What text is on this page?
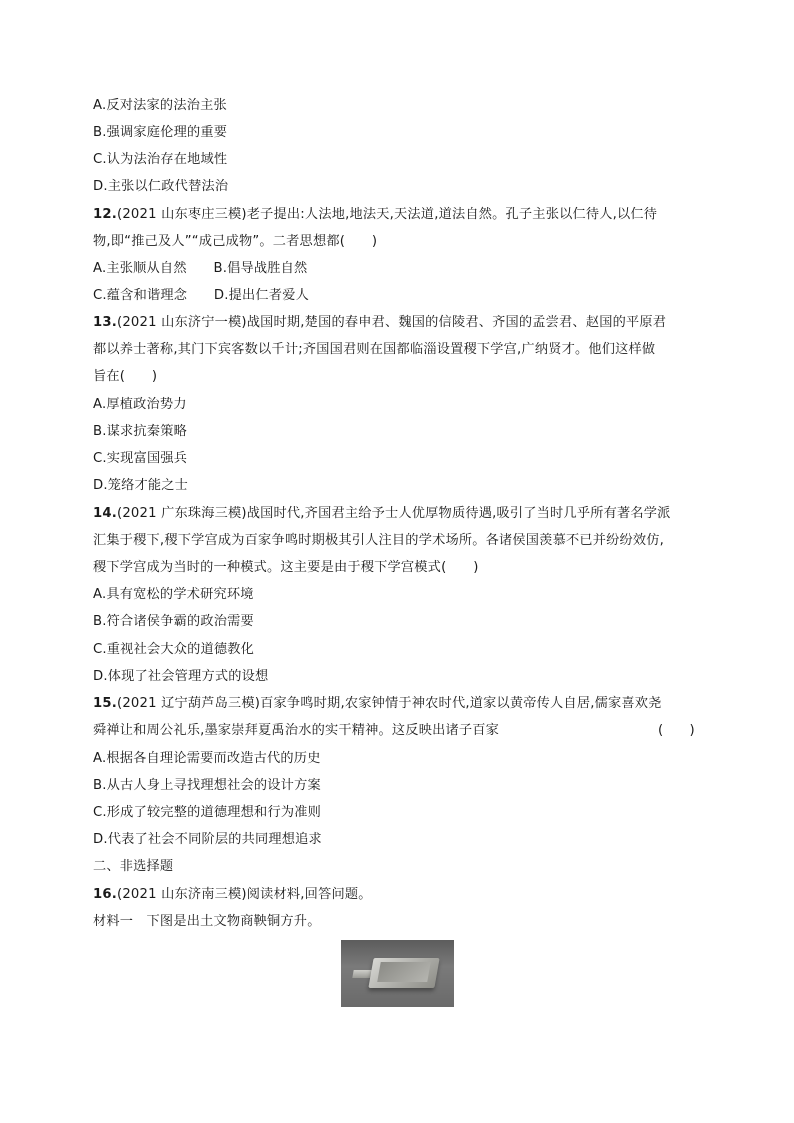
A.反对法家的法治主张
B.强调家庭伦理的重要
C.认为法治存在地域性
D.主张以仁政代替法治
12.(2021 山东枣庄三模)老子提出:人法地,地法天,天法道,道法自然。孔子主张以仁待人,以仁待
物,即“推己及人”“成己成物”。二者思想都(　　)
A.主张顺从自然　　B.倡导战胜自然
C.蕴含和谐理念　　D.提出仁者爱人
13.(2021 山东济宁一模)战国时期,楚国的春申君、魏国的信陵君、齐国的孟尝君、赵国的平原君
都以养士著称,其门下宾客数以千计;齐国国君则在国都临淄设置稷下学宫,广纳贤才。他们这样做
旨在(　　)
A.厚植政治势力
B.谋求抗秦策略
C.实现富国强兵
D.笼络才能之士
14.(2021 广东珠海三模)战国时代,齐国君主给予士人优厚物质待遇,吸引了当时几乎所有著名学派
汇集于稷下,稷下学宫成为百家争鸣时期极其引人注目的学术场所。各诸侯国羡慕不已并纷纷效仿,
稷下学宫成为当时的一种模式。这主要是由于稷下学宫模式(　　)
A.具有宽松的学术研究环境
B.符合诸侯争霸的政治需要
C.重视社会大众的道德教化
D.体现了社会管理方式的设想
15.(2021 辽宁葫芦岛三模)百家争鸣时期,农家钟情于神农时代,道家以黄帝传人自居,儒家喜欢尧
舜禅让和周公礼乐,墨家崇拜夏禹治水的实干精神。这反映出诸子百家	(　　)
A.根据各自理论需要而改造古代的历史
B.从古人身上寻找理想社会的设计方案
C.形成了较完整的道德理想和行为准则
D.代表了社会不同阶层的共同理想追求
二、非选择题
16.(2021 山东济南三模)阅读材料,回答问题。
材料一　下图是出土文物商鞅铜方升。
